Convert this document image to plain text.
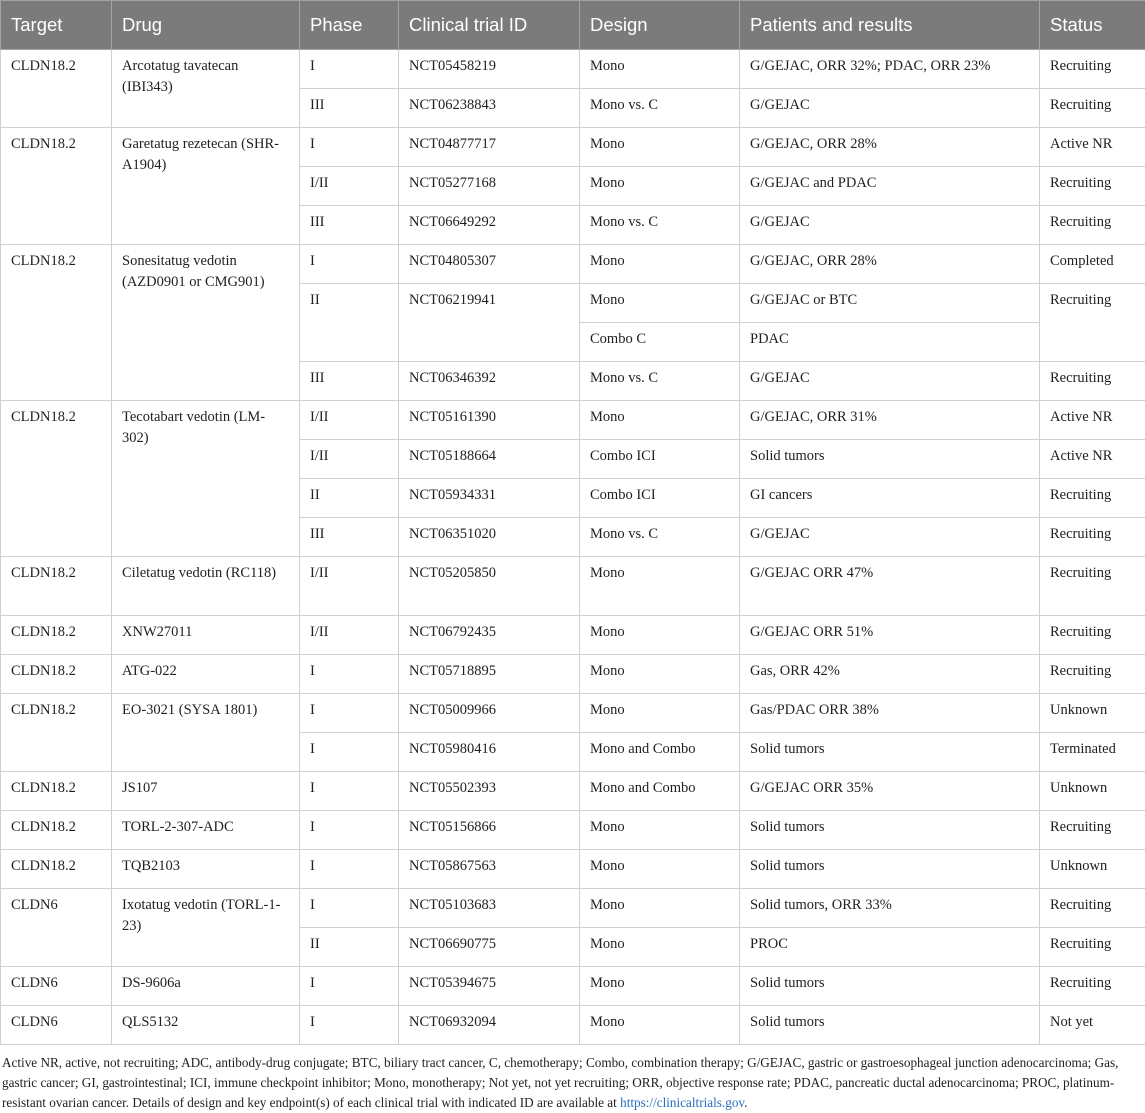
Target	Drug	Phase	Clinical trial ID	Design	Patients and results	Status
CLDN18.2	Arcotatug tavatecan (IBI343)	I	NCT05458219	Mono	G/GEJAC, ORR 32%; PDAC, ORR 23%	Recruiting
		III	NCT06238843	Mono vs. C	G/GEJAC	Recruiting
CLDN18.2	Garetatug rezetecan (SHR-A1904)	I	NCT04877717	Mono	G/GEJAC, ORR 28%	Active NR
		I/II	NCT05277168	Mono	G/GEJAC and PDAC	Recruiting
		III	NCT06649292	Mono vs. C	G/GEJAC	Recruiting
CLDN18.2	Sonesitatug vedotin (AZD0901 or CMG901)	I	NCT04805307	Mono	G/GEJAC, ORR 28%	Completed
		II	NCT06219941	Mono	G/GEJAC or BTC	Recruiting
				Combo C	PDAC	
		III	NCT06346392	Mono vs. C	G/GEJAC	Recruiting
CLDN18.2	Tecotabart vedotin (LM-302)	I/II	NCT05161390	Mono	G/GEJAC, ORR 31%	Active NR
		I/II	NCT05188664	Combo ICI	Solid tumors	Active NR
		II	NCT05934331	Combo ICI	GI cancers	Recruiting
		III	NCT06351020	Mono vs. C	G/GEJAC	Recruiting
CLDN18.2	Ciletatug vedotin (RC118)	I/II	NCT05205850	Mono	G/GEJAC ORR 47%	Recruiting
CLDN18.2	XNW27011	I/II	NCT06792435	Mono	G/GEJAC ORR 51%	Recruiting
CLDN18.2	ATG-022	I	NCT05718895	Mono	Gas, ORR 42%	Recruiting
CLDN18.2	EO-3021 (SYSA 1801)	I	NCT05009966	Mono	Gas/PDAC ORR 38%	Unknown
		I	NCT05980416	Mono and Combo	Solid tumors	Terminated
CLDN18.2	JS107	I	NCT05502393	Mono and Combo	G/GEJAC ORR 35%	Unknown
CLDN18.2	TORL-2-307-ADC	I	NCT05156866	Mono	Solid tumors	Recruiting
CLDN18.2	TQB2103	I	NCT05867563	Mono	Solid tumors	Unknown
CLDN6	Ixotatug vedotin (TORL-1-23)	I	NCT05103683	Mono	Solid tumors, ORR 33%	Recruiting
		II	NCT06690775	Mono	PROC	Recruiting
CLDN6	DS-9606a	I	NCT05394675	Mono	Solid tumors	Recruiting
CLDN6	QLS5132	I	NCT06932094	Mono	Solid tumors	Not yet
Active NR, active, not recruiting; ADC, antibody-drug conjugate; BTC, biliary tract cancer, C, chemotherapy; Combo, combination therapy; G/GEJAC, gastric or gastroesophageal junction adenocarcinoma; Gas, gastric cancer; GI, gastrointestinal; ICI, immune checkpoint inhibitor; Mono, monotherapy; Not yet, not yet recruiting; ORR, objective response rate; PDAC, pancreatic ductal adenocarcinoma; PROC, platinum-resistant ovarian cancer. Details of design and key endpoint(s) of each clinical trial with indicated ID are available at https://clinicaltrials.gov.
